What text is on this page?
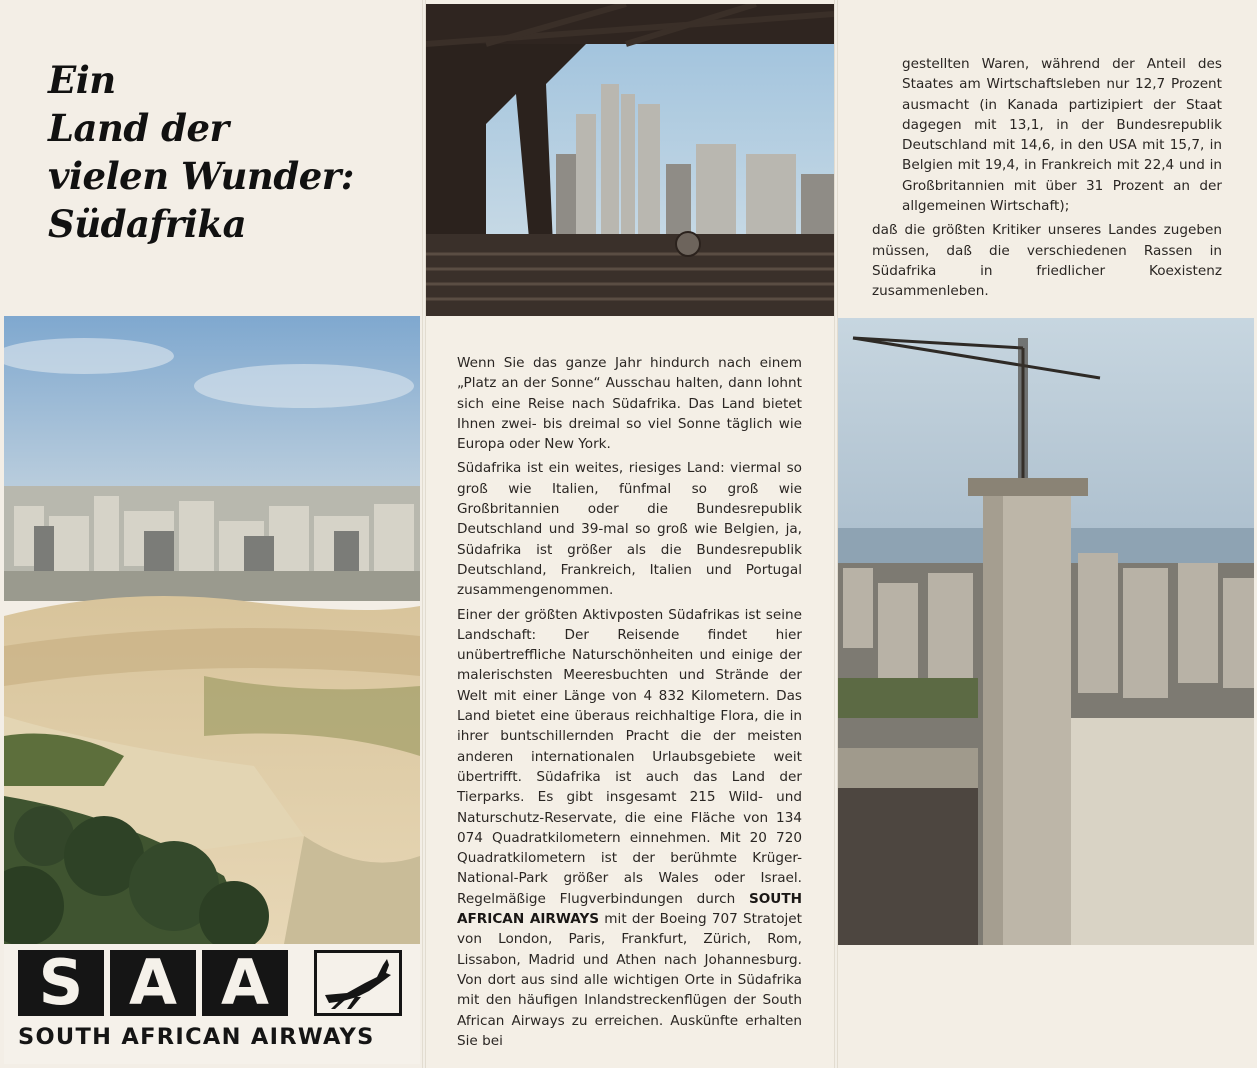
Ein
Land der
vielen Wunder:
Südafrika
S A A
SOUTH AFRICAN AIRWAYS

Wenn Sie das ganze Jahr hindurch nach einem „Platz an der Sonne“ Ausschau halten, dann lohnt sich eine Reise nach Südafrika. Das Land bietet Ihnen zwei- bis dreimal so viel Sonne täglich wie Europa oder New York.

Südafrika ist ein weites, riesiges Land: viermal so groß wie Italien, fünfmal so groß wie Großbritannien oder die Bundesrepublik Deutschland und 39-mal so groß wie Belgien, ja, Südafrika ist größer als die Bundesrepublik Deutschland, Frankreich, Italien und Portugal zusammengenommen.

Einer der größten Aktivposten Südafrikas ist seine Landschaft: Der Reisende findet hier unübertreffliche Naturschönheiten und einige der malerischsten Meeresbuchten und Strände der Welt mit einer Länge von 4 832 Kilometern. Das Land bietet eine überaus reichhaltige Flora, die in ihrer buntschillernden Pracht die der meisten anderen internationalen Urlaubsgebiete weit übertrifft. Südafrika ist auch das Land der Tierparks. Es gibt insgesamt 215 Wild- und Naturschutz-Reservate, die eine Fläche von 134 074 Quadratkilometern einnehmen. Mit 20 720 Quadratkilometern ist der berühmte Krüger-National-Park größer als Wales oder Israel. Regelmäßige Flugverbindungen durch SOUTH AFRICAN AIRWAYS mit der Boeing 707 Stratojet von London, Paris, Frankfurt, Zürich, Rom, Lissabon, Madrid und Athen nach Johannesburg. Von dort aus sind alle wichtigen Orte in Südafrika mit den häufigen Inlandstreckenflügen der South African Airways zu erreichen. Auskünfte erhalten Sie bei

gestellten Waren, während der Anteil des Staates am Wirtschaftsleben nur 12,7 Prozent ausmacht (in Kanada partizipiert der Staat dagegen mit 13,1, in der Bundesrepublik Deutschland mit 14,6, in den USA mit 15,7, in Belgien mit 19,4, in Frankreich mit 22,4 und in Großbritannien mit über 31 Prozent an der allgemeinen Wirtschaft);

daß die größten Kritiker unseres Landes zugeben müssen, daß die verschiedenen Rassen in Südafrika in friedlicher Koexistenz zusammenleben.
